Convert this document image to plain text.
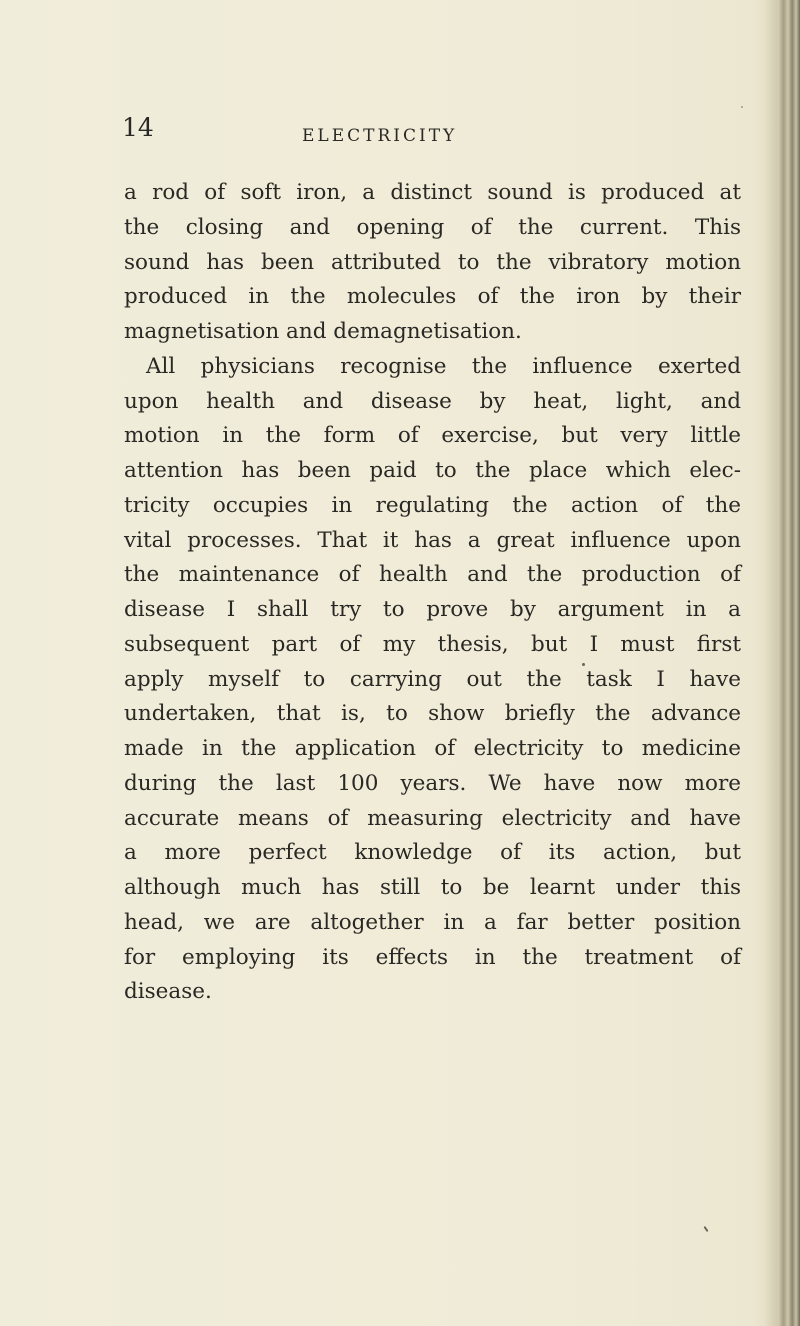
14	ELECTRICITY
a rod of soft iron, a distinct sound is produced at
the closing and opening of the current. This
sound has been attributed to the vibratory motion
produced in the molecules of the iron by their
magnetisation and demagnetisation.
All physicians recognise the influence exerted
upon health and disease by heat, light, and
motion in the form of exercise, but very little
attention has been paid to the place which elec-
tricity occupies in regulating the action of the
vital processes. That it has a great influence upon
the maintenance of health and the production of
disease I shall try to prove by argument in a
subsequent part of my thesis, but I must first
apply myself to carrying out the task I have
undertaken, that is, to show briefly the advance
made in the application of electricity to medicine
during the last 100 years. We have now more
accurate means of measuring electricity and have
a more perfect knowledge of its action, but
although much has still to be learnt under this
head, we are altogether in a far better position
for employing its effects in the treatment of
disease.
